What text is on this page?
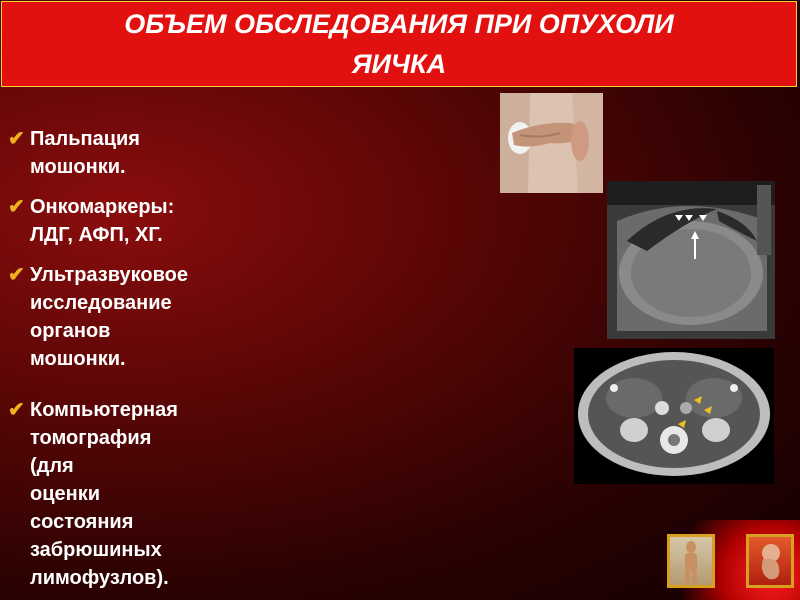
ОБЪЕМ ОБСЛЕДОВАНИЯ ПРИ ОПУХОЛИ ЯИЧКА
✔ Пальпация мошонки.
✔ Онкомаркеры: ЛДГ, АФП, ХГ.
✔ Ультразвуковое исследование
органов мошонки.
✔ Компьютерная томография (для
оценки состояния забрюшиных
лимофузлов).
